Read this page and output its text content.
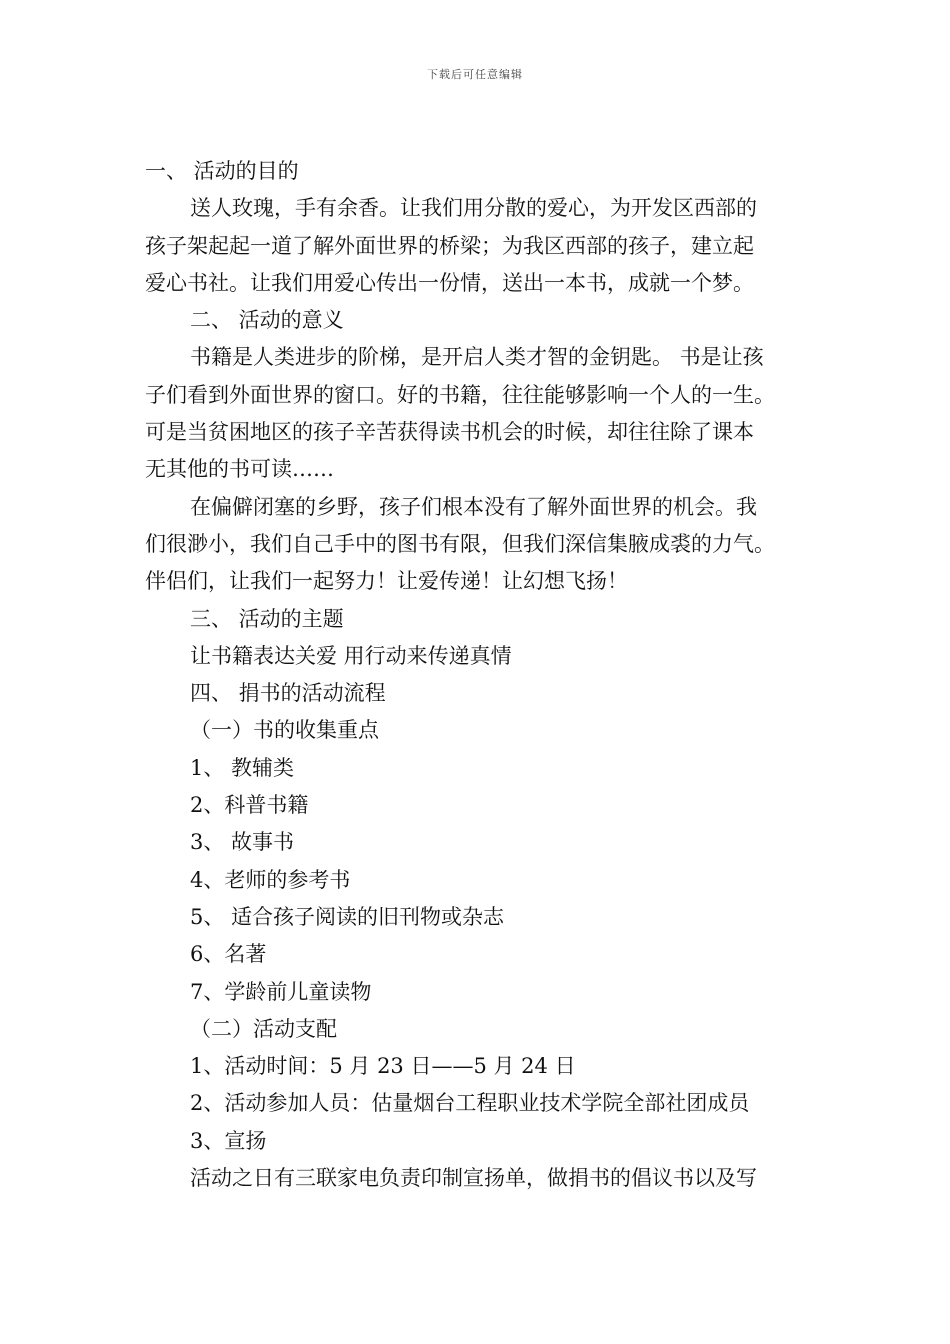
下载后可任意编辑
一、 活动的目的
送人玫瑰，手有余香。让我们用分散的爱心，为开发区西部的
孩子架起起一道了解外面世界的桥梁；为我区西部的孩子，建立起
爱心书社。让我们用爱心传出一份情，送出一本书，成就一个梦。
二、 活动的意义
书籍是人类进步的阶梯，是开启人类才智的金钥匙。 书是让孩
子们看到外面世界的窗口。好的书籍，往往能够影响一个人的一生。
可是当贫困地区的孩子辛苦获得读书机会的时候，却往往除了课本
无其他的书可读……
在偏僻闭塞的乡野，孩子们根本没有了解外面世界的机会。我
们很渺小，我们自己手中的图书有限，但我们深信集腋成裘的力气。
伴侣们，让我们一起努力！让爱传递！让幻想飞扬！
三、 活动的主题
让书籍表达关爱 用行动来传递真情
四、 捐书的活动流程
（一）书的收集重点
1、 教辅类
2、科普书籍
3、 故事书
4、老师的参考书
5、 适合孩子阅读的旧刊物或杂志
6、名著
7、学龄前儿童读物
（二）活动支配
1、活动时间：5 月 23 日——5 月 24 日
2、活动参加人员：估量烟台工程职业技术学院全部社团成员
3、宣扬
活动之日有三联家电负责印制宣扬单，做捐书的倡议书以及写
